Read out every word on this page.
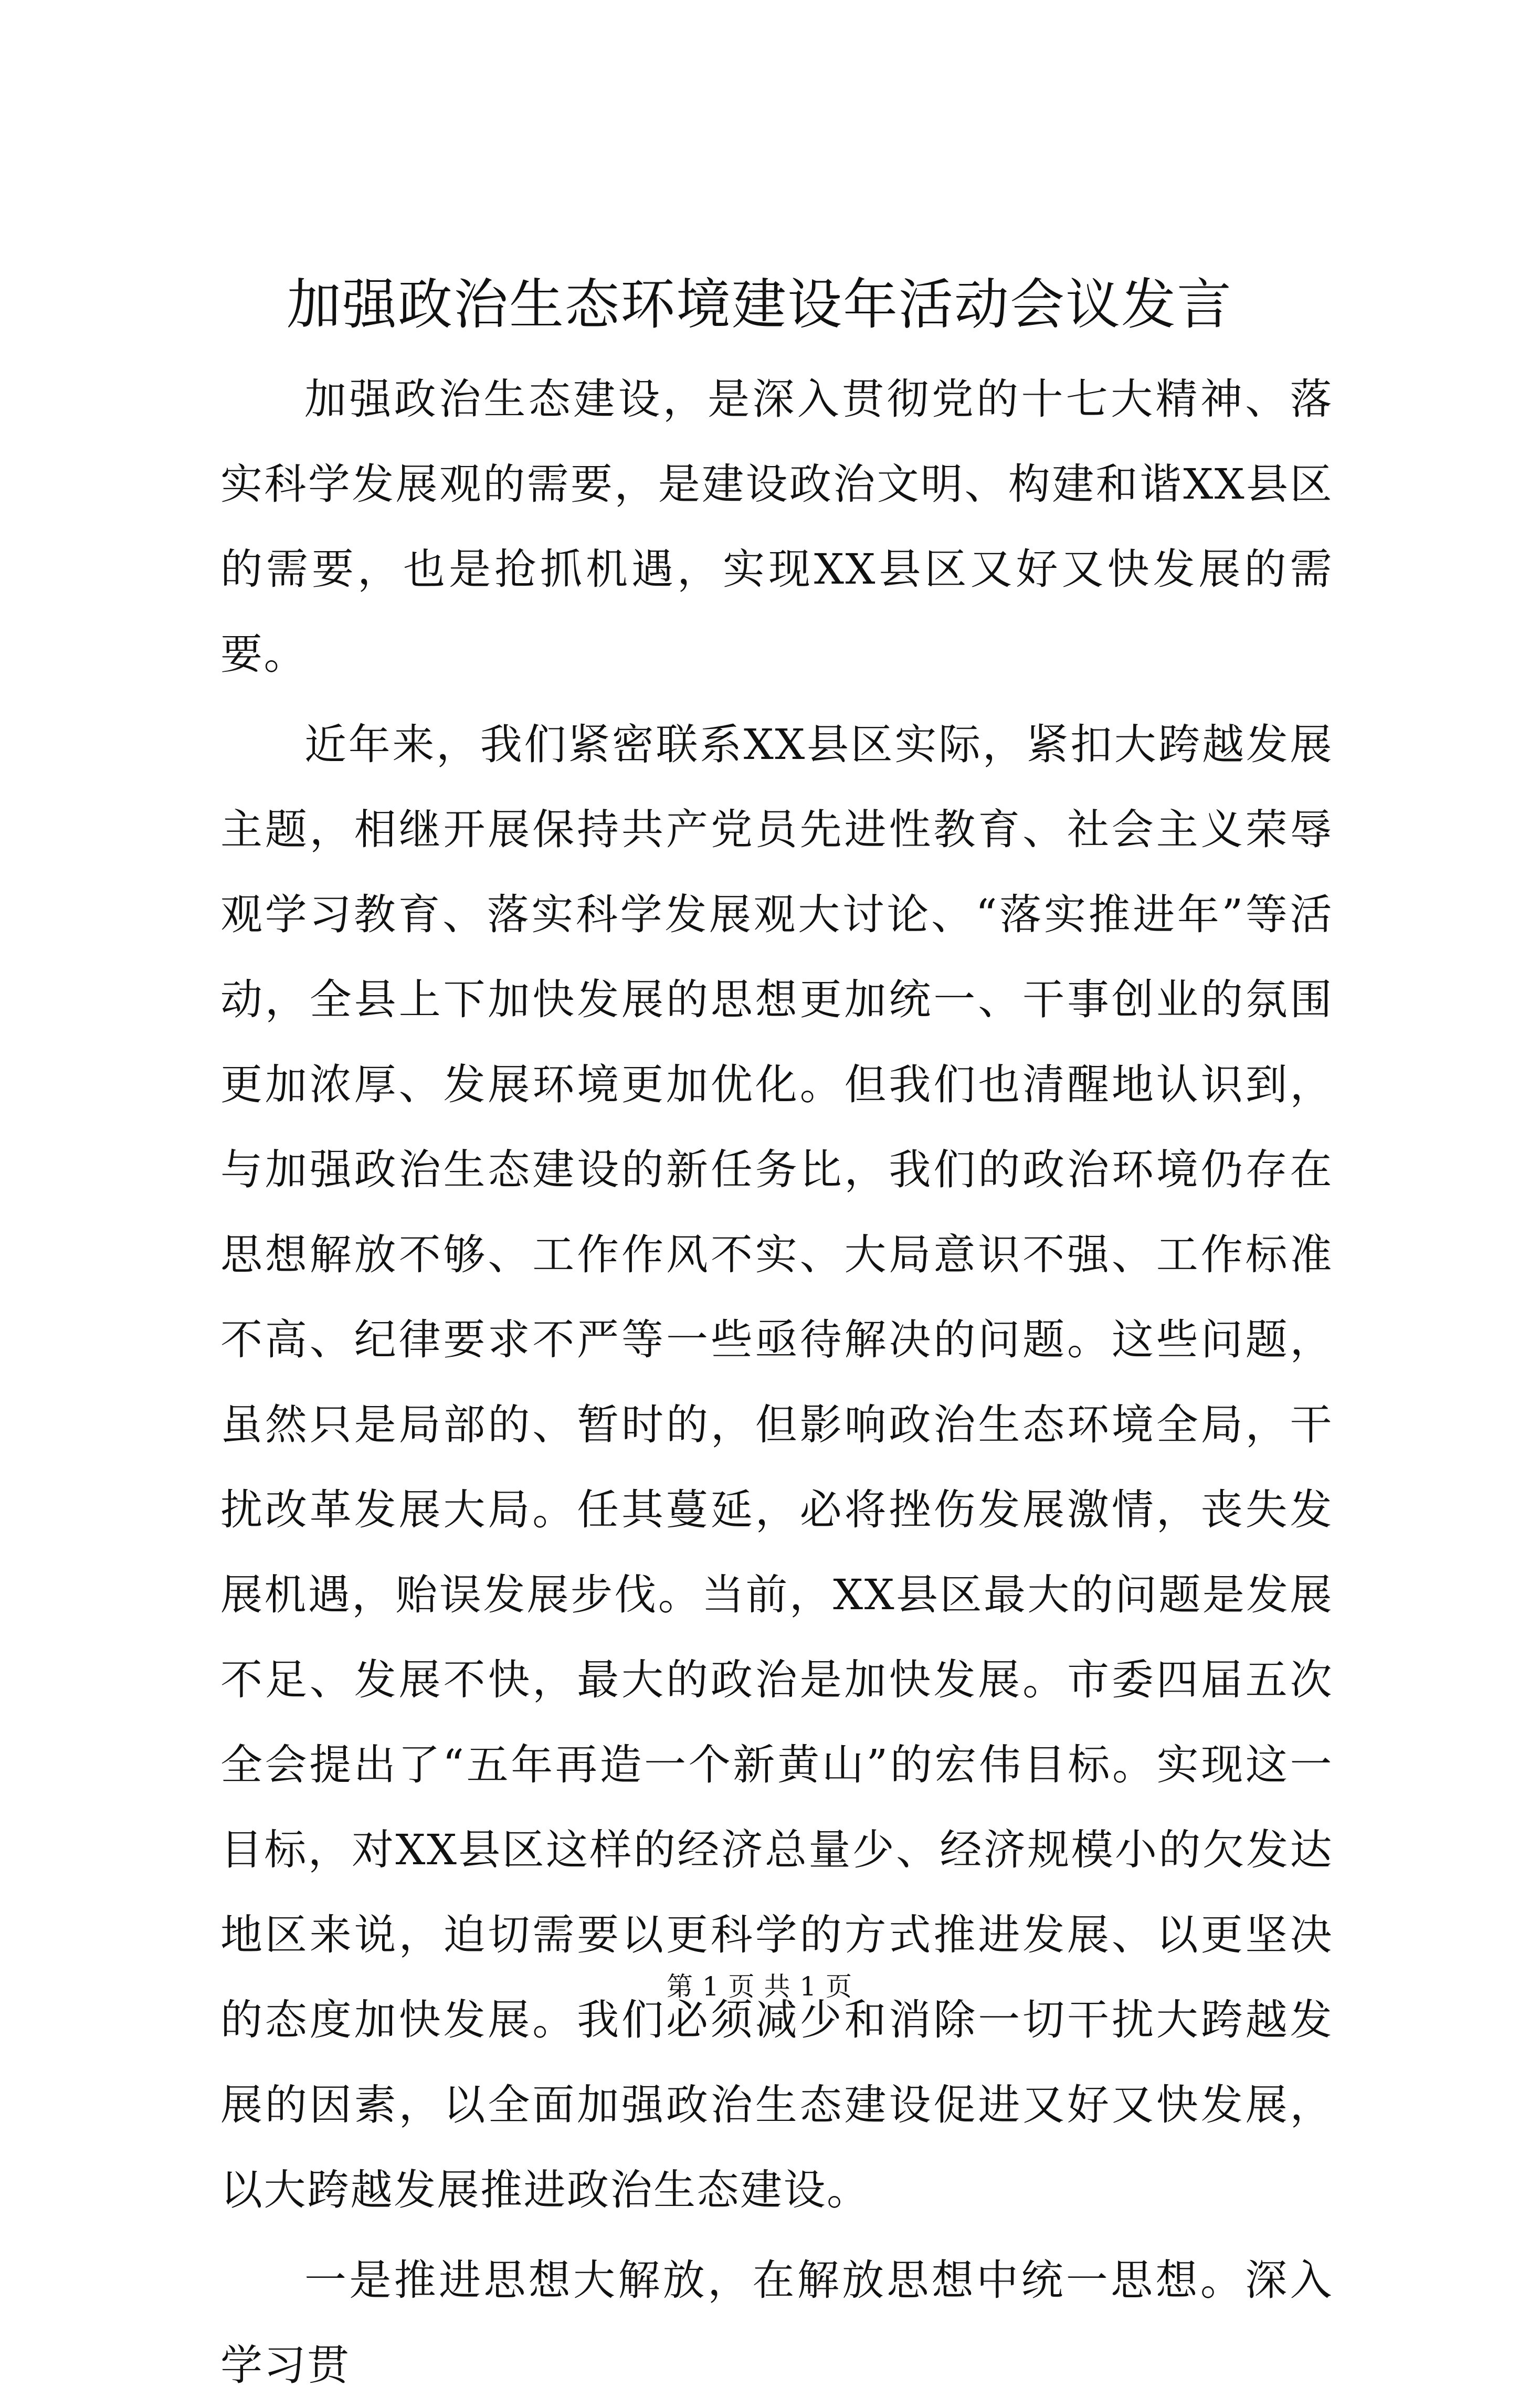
加强政治生态环境建设年活动会议发言

加强政治生态建设，是深入贯彻党的十七大精神、落实科学发展观的需要，是建设政治文明、构建和谐XX县区的需要，也是抢抓机遇，实现XX县区又好又快发展的需要。

近年来，我们紧密联系XX县区实际，紧扣大跨越发展主题，相继开展保持共产党员先进性教育、社会主义荣辱观学习教育、落实科学发展观大讨论、“落实推进年”等活动，全县上下加快发展的思想更加统一、干事创业的氛围更加浓厚、发展环境更加优化。但我们也清醒地认识到，与加强政治生态建设的新任务比，我们的政治环境仍存在思想解放不够、工作作风不实、大局意识不强、工作标准不高、纪律要求不严等一些亟待解决的问题。这些问题，虽然只是局部的、暂时的，但影响政治生态环境全局，干扰改革发展大局。任其蔓延，必将挫伤发展激情，丧失发展机遇，贻误发展步伐。当前，XX县区最大的问题是发展不足、发展不快，最大的政治是加快发展。市委四届五次全会提出了“五年再造一个新黄山”的宏伟目标。实现这一目标，对XX县区这样的经济总量少、经济规模小的欠发达地区来说，迫切需要以更科学的方式推进发展、以更坚决的态度加快发展。我们必须减少和消除一切干扰大跨越发展的因素，以全面加强政治生态建设促进又好又快发展，以大跨越发展推进政治生态建设。

一是推进思想大解放，在解放思想中统一思想。深入学习贯

第 1 页 共 1 页
